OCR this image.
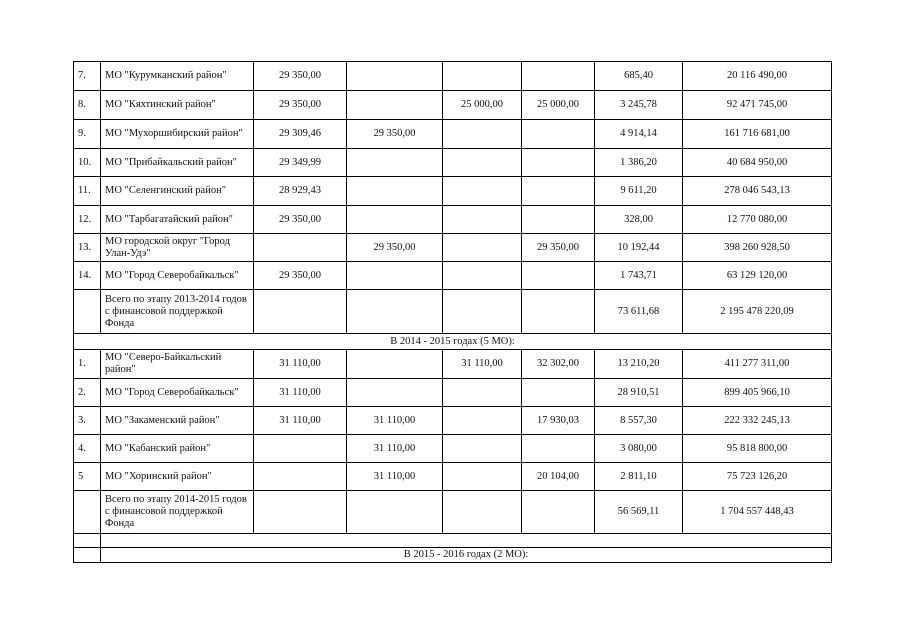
7.	МО "Курумканский район"	29 350,00				685,40	20 116 490,00
8.	МО "Кяхтинский район"	29 350,00		25 000,00	25 000,00	3 245,78	92 471 745,00
9.	МО "Мухоршибирский район"	29 309,46	29 350,00			4 914,14	161 716 681,00
10.	МО "Прибайкальский район"	29 349,99				1 386,20	40 684 950,00
11.	МО "Селенгинский район"	28 929,43				9 611,20	278 046 543,13
12.	МО "Тарбагатайский район"	29 350,00				328,00	12 770 080,00
13.	МО городской округ "Город Улан-Удэ"		29 350,00		29 350,00	10 192,44	398 260 928,50
14.	МО "Город Северобайкальск"	29 350,00				1 743,71	63 129 120,00
	Всего по этапу 2013-2014 годов с финансовой поддержкой Фонда					73 611,68	2 195 478 220,09
В 2014 - 2015 годах (5 МО):							
1.	МО "Северо-Байкальский район"	31 110,00		31 110,00	32 302,00	13 210,20	411 277 311,00
2.	МО "Город Северобайкальск"	31 110,00				28 910,51	899 405 966,10
3.	МО "Закаменский район"	31 110,00	31 110,00		17 930,03	8 557,30	222 332 245,13
4.	МО "Кабанский район"		31 110,00			3 080,00	95 818 800,00
5	МО "Хоринский район"		31 110,00		20 104,00	2 811,10	75 723 126,20
	Всего по этапу 2014-2015 годов с финансовой поддержкой Фонда					56 569,11	1 704 557 448,43

	В 2015 - 2016 годах (2 МО):						
